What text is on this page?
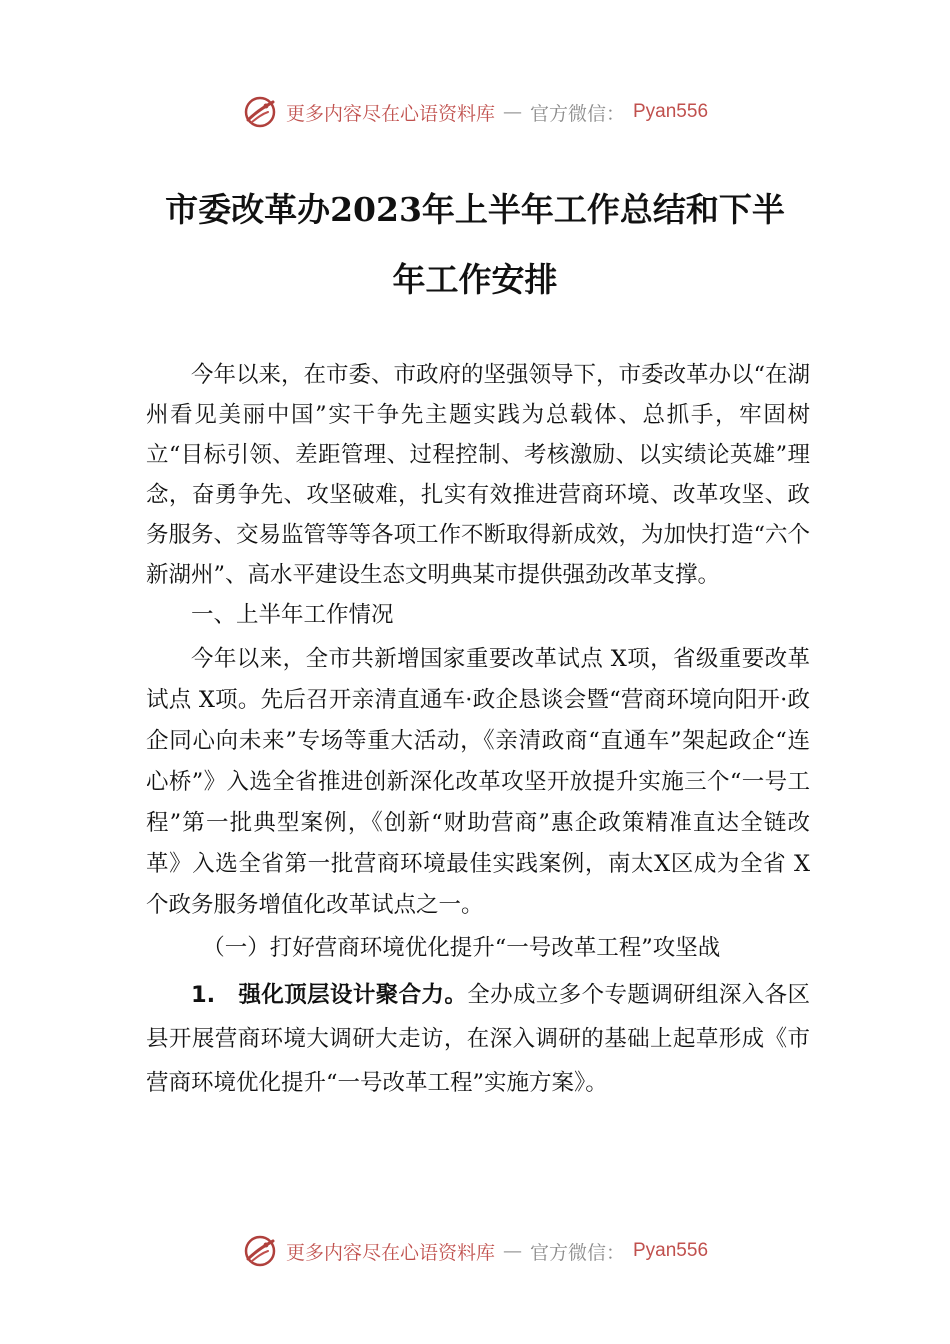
更多内容尽在心语资料库 — 官方微信： Pyan556
市委改革办2023年上半年工作总结和下半
年工作安排

今年以来，在市委、市政府的坚强领导下，市委改革办以“在湖州看见美丽中国”实干争先主题实践为总载体、总抓手，牢固树立“目标引领、差距管理、过程控制、考核激励、以实绩论英雄”理念，奋勇争先、攻坚破难，扎实有效推进营商环境、改革攻坚、政务服务、交易监管等等各项工作不断取得新成效，为加快打造“六个新湖州”、高水平建设生态文明典某市提供强劲改革支撑。

一、上半年工作情况

今年以来，全市共新增国家重要改革试点 X项，省级重要改革试点 X项。先后召开亲清直通车·政企恳谈会暨“营商环境向阳开·政企同心向未来”专场等重大活动，《亲清政商“直通车”架起政企“连心桥”》入选全省推进创新深化改革攻坚开放提升实施三个“一号工程”第一批典型案例，《创新“财助营商”惠企政策精准直达全链改革》入选全省第一批营商环境最佳实践案例，南太X区成为全省 X个政务服务增值化改革试点之一。

（一）打好营商环境优化提升“一号改革工程”攻坚战

1.　强化顶层设计聚合力。全办成立多个专题调研组深入各区县开展营商环境大调研大走访，在深入调研的基础上起草形成《市营商环境优化提升“一号改革工程”实施方案》。

更多内容尽在心语资料库 — 官方微信： Pyan556
